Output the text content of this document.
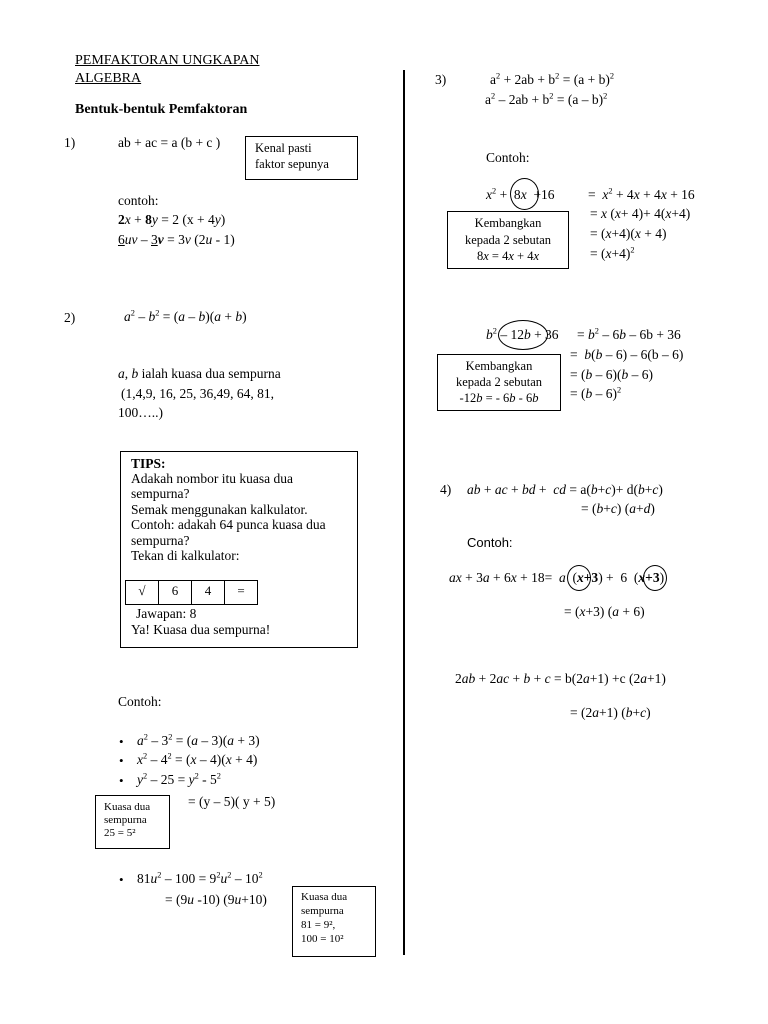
PEMFAKTORAN UNGKAPAN
ALGEBRA
Bentuk-bentuk Pemfaktoran
1)	ab + ac = a (b + c )	Kenal pasti
faktor sepunya
contoh:
2x + 8y = 2 (x + 4y)
6uv – 3v = 3v (2u - 1)
2)	$a^2 - b^2 = (a - b)(a + b)$
a, b ialah kuasa dua sempurna
(1,4,9, 16, 25, 36,49, 64, 81,
100…..)
TIPS:
Adakah nombor itu kuasa dua
sempurna?
Semak menggunakan kalkulator.
Contoh: adakah 64 punca kuasa dua
sempurna?
Tekan di kalkulator:
√	6	4	=
Jawapan: 8
Ya! Kuasa dua sempurna!
Contoh:
• $a^2 - 3^2 = (a - 3)(a + 3)$
• $x^2 - 4^2 = (x - 4)(x + 4)$
• $y^2 - 25 = y^2 - 5^2$
= (y – 5)( y + 5)
Kuasa dua
sempurna
25 = 5²
• $81u^2 - 100 = 9^2u^2 - 10^2$
= (9u -10) (9u+10)	Kuasa dua
sempurna
81 = 9²,
100 = 10²
3)	$a^2 + 2ab + b^2 = (a + b)^2$
$a^2 - 2ab + b^2 = (a - b)^2$
Contoh:
$x^2 + 8x +16 = x^2 + 4x + 4x + 16$
= x (x+ 4)+ 4(x+4)
= (x+4)(x + 4)
= $(x+4)^2$
Kembangkan
kepada 2 sebutan
8x = 4x + 4x
$b^2 - 12b + 36 = b^2 - 6b - 6b + 36$
=  b(b – 6) – 6(b – 6)
= (b – 6)(b – 6)
= (b – 6)$^2$
Kembangkan
kepada 2 sebutan
-12b = - 6b - 6b
4) ab + ac + bd +  cd = a(b+c)+ d(b+c)
= (b+c) (a+d)
Contoh:
ax + 3a + 6x + 18=  a  (x+3) +  6  (x+3)
= (x+3) (a + 6)
2ab + 2ac + b + c = b(2a+1) +c (2a+1)
= (2a+1) (b+c)
